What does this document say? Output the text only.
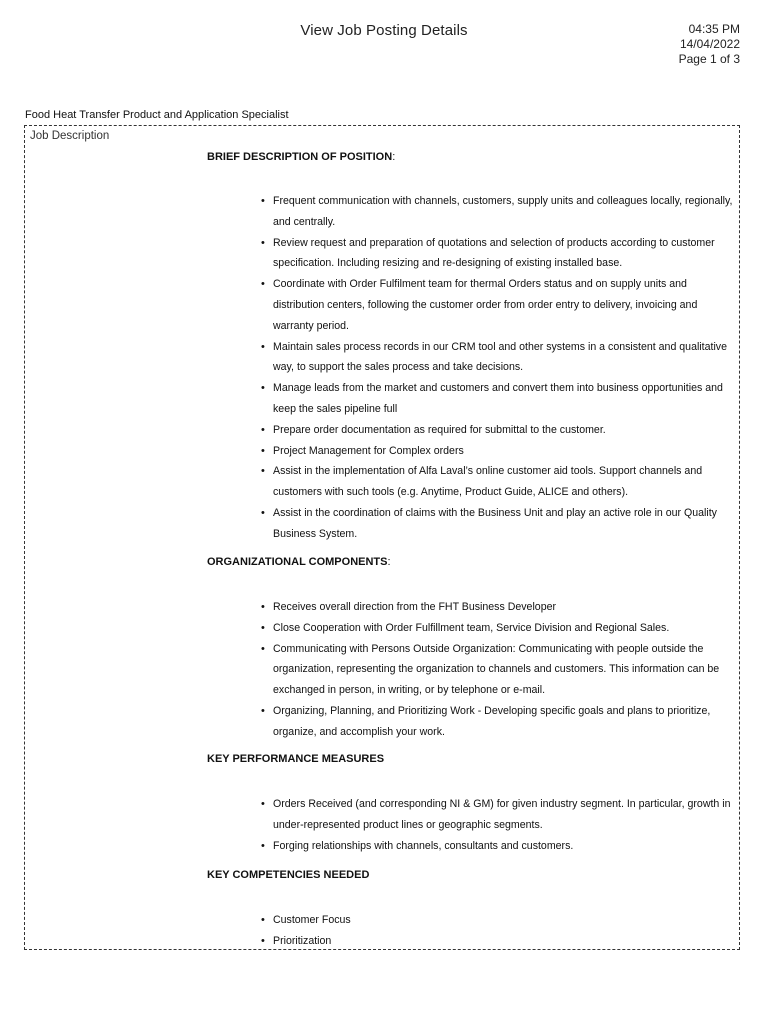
View Job Posting Details	04:35 PM
14/04/2022
Page 1 of 3
Food Heat Transfer Product and Application Specialist
Job Description
BRIEF DESCRIPTION OF POSITION:
• Frequent communication with channels, customers, supply units and colleagues locally, regionally, and centrally.
• Review request and preparation of quotations and selection of products according to customer specification. Including resizing and re-designing of existing installed base.
• Coordinate with Order Fulfilment team for thermal Orders status and on supply units and distribution centers, following the customer order from order entry to delivery, invoicing and warranty period.
• Maintain sales process records in our CRM tool and other systems in a consistent and qualitative way, to support the sales process and take decisions.
• Manage leads from the market and customers and convert them into business opportunities and keep the sales pipeline full
• Prepare order documentation as required for submittal to the customer.
• Project Management for Complex orders
• Assist in the implementation of Alfa Laval’s online customer aid tools. Support channels and customers with such tools (e.g. Anytime, Product Guide, ALICE and others).
• Assist in the coordination of claims with the Business Unit and play an active role in our Quality Business System.
ORGANIZATIONAL COMPONENTS:
• Receives overall direction from the FHT Business Developer
• Close Cooperation with Order Fulfillment team, Service Division and Regional Sales.
• Communicating with Persons Outside Organization: Communicating with people outside the organization, representing the organization to channels and customers. This information can be exchanged in person, in writing, or by telephone or e-mail.
• Organizing, Planning, and Prioritizing Work - Developing specific goals and plans to prioritize, organize, and accomplish your work.
KEY PERFORMANCE MEASURES
• Orders Received (and corresponding NI & GM) for given industry segment. In particular, growth in under-represented product lines or geographic segments.
• Forging relationships with channels, consultants and customers.
KEY COMPETENCIES NEEDED
• Customer Focus
• Prioritization
